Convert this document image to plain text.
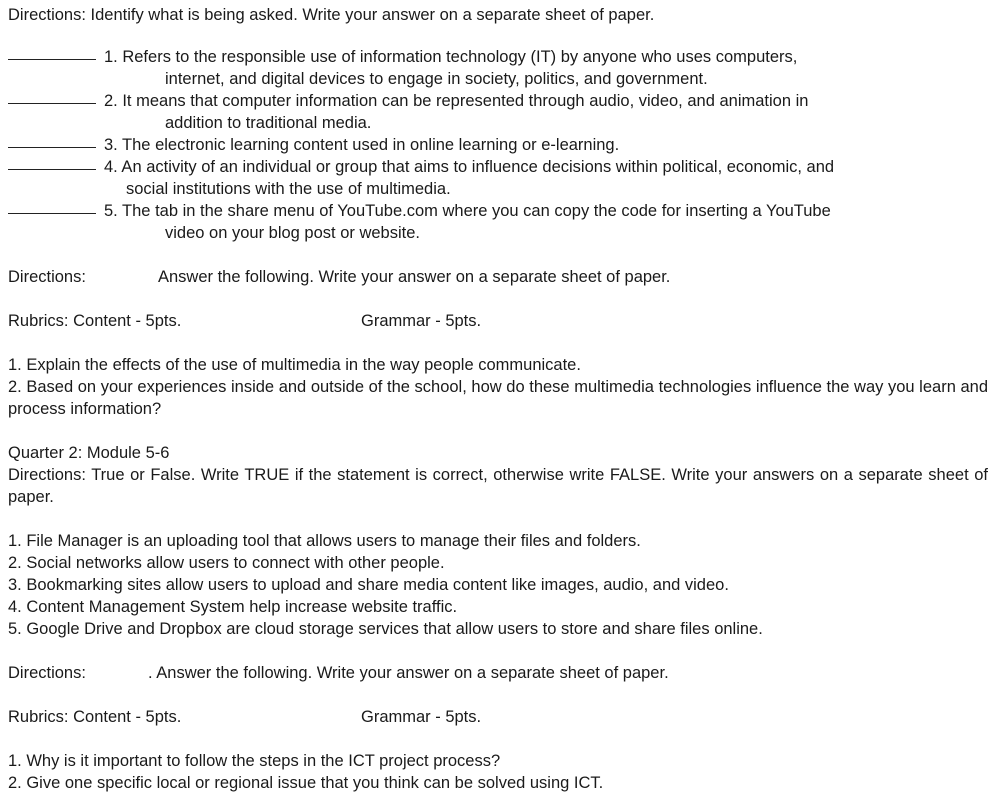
Directions: Identify what is being asked. Write your answer on a separate sheet of paper.
1. Refers to the responsible use of information technology (IT) by anyone who uses computers,
internet, and digital devices to engage in society, politics, and government.
2. It means that computer information can be represented through audio, video, and animation in
addition to traditional media.
3. The electronic learning content used in online learning or e-learning.
4. An activity of an individual or group that aims to influence decisions within political, economic, and
social institutions with the use of multimedia.
5. The tab in the share menu of YouTube.com where you can copy the code for inserting a YouTube
video on your blog post or website.
Directions:	Answer the following. Write your answer on a separate sheet of paper.
Rubrics: Content - 5pts.	Grammar - 5pts.
1. Explain the effects of the use of multimedia in the way people communicate.
2. Based on your experiences inside and outside of the school, how do these multimedia technologies influence the way you learn and process information?
Quarter 2: Module 5-6
Directions: True or False. Write TRUE if the statement is correct, otherwise write FALSE. Write your answers on a separate sheet of paper.
1. File Manager is an uploading tool that allows users to manage their files and folders.
2. Social networks allow users to connect with other people.
3. Bookmarking sites allow users to upload and share media content like images, audio, and video.
4. Content Management System help increase website traffic.
5. Google Drive and Dropbox are cloud storage services that allow users to store and share files online.
Directions:	. Answer the following. Write your answer on a separate sheet of paper.
Rubrics: Content - 5pts.	Grammar - 5pts.
1. Why is it important to follow the steps in the ICT project process?
2. Give one specific local or regional issue that you think can be solved using ICT.
